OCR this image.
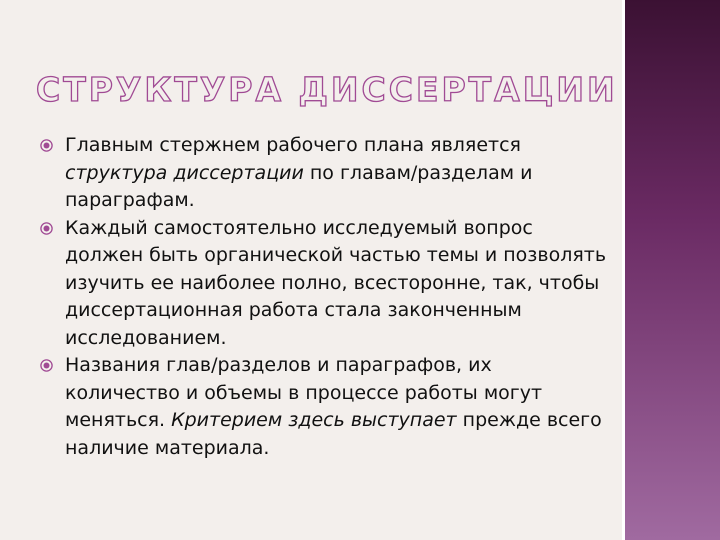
СТРУКТУРА ДИССЕРТАЦИИ
Главным стержнем рабочего плана является структура диссертации по главам/разделам и параграфам.
Каждый самостоятельно исследуемый вопрос должен быть органической частью темы и позволять изучить ее наиболее полно, всесторонне, так, чтобы диссертационная работа стала законченным исследованием.
Названия глав/разделов и параграфов, их количество и объемы в процессе работы могут меняться. Критерием здесь выступает прежде всего наличие материала.
